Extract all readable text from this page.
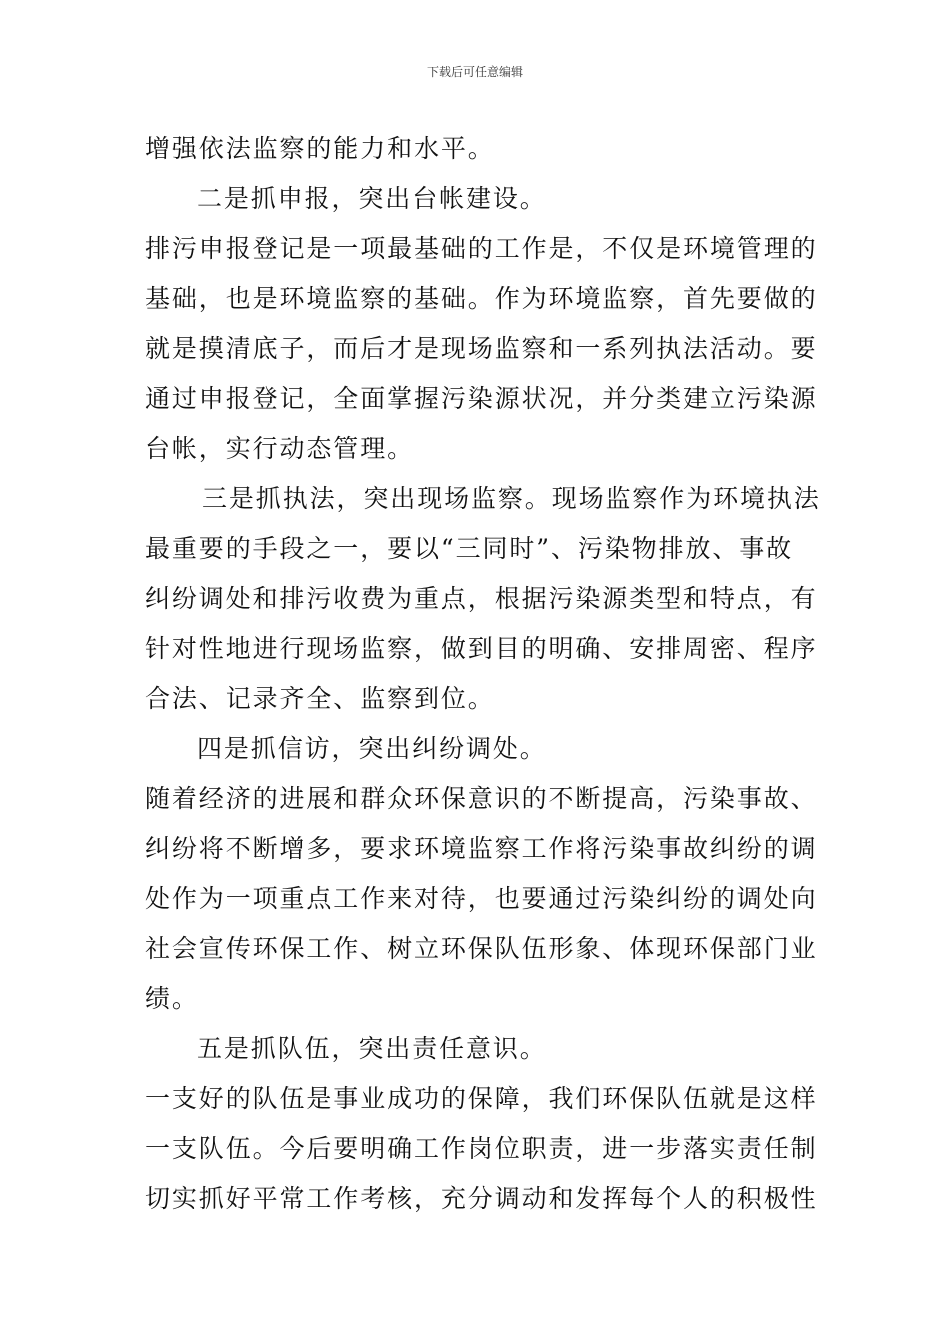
下载后可任意编辑
增强依法监察的能力和水平。
二是抓申报，突出台帐建设。
排污申报登记是一项最基础的工作是，不仅是环境管理的
基础，也是环境监察的基础。作为环境监察，首先要做的
就是摸清底子，而后才是现场监察和一系列执法活动。要
通过申报登记，全面掌握污染源状况，并分类建立污染源
台帐，实行动态管理。
三是抓执法，突出现场监察。现场监察作为环境执法
最重要的手段之一，要以“三同时”、污染物排放、事故
纠纷调处和排污收费为重点，根据污染源类型和特点，有
针对性地进行现场监察，做到目的明确、安排周密、程序
合法、记录齐全、监察到位。
四是抓信访，突出纠纷调处。
随着经济的进展和群众环保意识的不断提高，污染事故、
纠纷将不断增多，要求环境监察工作将污染事故纠纷的调
处作为一项重点工作来对待，也要通过污染纠纷的调处向
社会宣传环保工作、树立环保队伍形象、体现环保部门业
绩。
五是抓队伍，突出责任意识。
一支好的队伍是事业成功的保障，我们环保队伍就是这样
一支队伍。今后要明确工作岗位职责，进一步落实责任制
切实抓好平常工作考核，充分调动和发挥每个人的积极性
